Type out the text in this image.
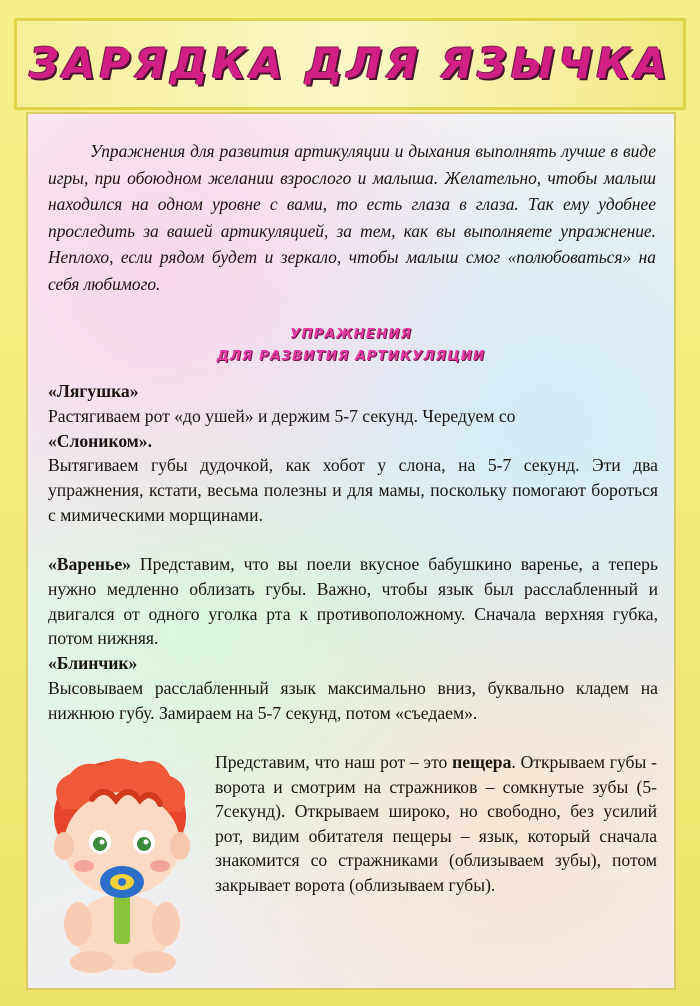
ЗАРЯДКА ДЛЯ ЯЗЫЧКА

Упражнения для развития артикуляции и дыхания выполнять лучше в виде игры, при обоюдном желании взрослого и малыша. Желательно, чтобы малыш находился на одном уровне с вами, то есть глаза в глаза. Так ему удобнее проследить за вашей артикуляцией, за тем, как вы выполняете упражнение. Неплохо, если рядом будет и зеркало, чтобы малыш смог «полюбоваться» на себя любимого.

УПРАЖНЕНИЯ
ДЛЯ РАЗВИТИЯ АРТИКУЛЯЦИИ

«Лягушка»
Растягиваем рот «до ушей» и держим 5-7 секунд. Чередуем со
«Слоником».
Вытягиваем губы дудочкой, как хобот у слона, на 5-7 секунд. Эти два упражнения, кстати, весьма полезны и для мамы, поскольку помогают бороться с мимическими морщинами.

«Варенье» Представим, что вы поели вкусное бабушкино варенье, а теперь нужно медленно облизать губы. Важно, чтобы язык был расслабленный и двигался от одного уголка рта к противоположному. Сначала верхняя губка, потом нижняя.
«Блинчик»
Высовываем расслабленный язык максимально вниз, буквально кладем на нижнюю губу. Замираем на 5-7 секунд, потом «съедаем».

Представим, что наш рот – это пещера. Открываем губы - ворота и смотрим на стражников – сомкнутые зубы (5-7секунд). Открываем широко, но свободно, без усилий рот, видим обитателя пещеры – язык, который сначала знакомится со стражниками (облизываем зубы), потом закрывает ворота (облизываем губы).
